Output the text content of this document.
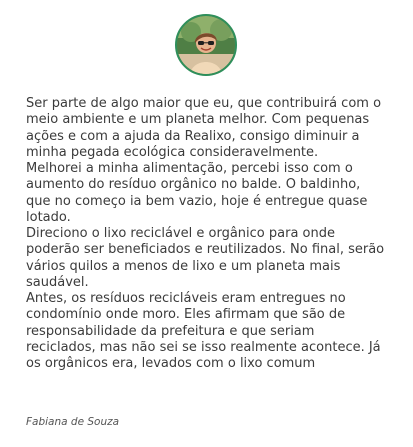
Ser parte de algo maior que eu, que contribuirá com o meio ambiente e um planeta melhor. Com pequenas ações e com a ajuda da Realixo, consigo diminuir a minha pegada ecológica consideravelmente.

Melhorei a minha alimentação, percebi isso com o aumento do resíduo orgânico no balde. O baldinho, que no começo ia bem vazio, hoje é entregue quase lotado.

Direciono o lixo reciclável e orgânico para onde poderão ser beneficiados e reutilizados. No final, serão vários quilos a menos de lixo e um planeta mais saudável.

Antes, os resíduos recicláveis eram entregues no condomínio onde moro. Eles afirmam que são de responsabilidade da prefeitura e que seriam reciclados, mas não sei se isso realmente acontece. Já os orgânicos era, levados com o lixo comum

Fabiana de Souza
